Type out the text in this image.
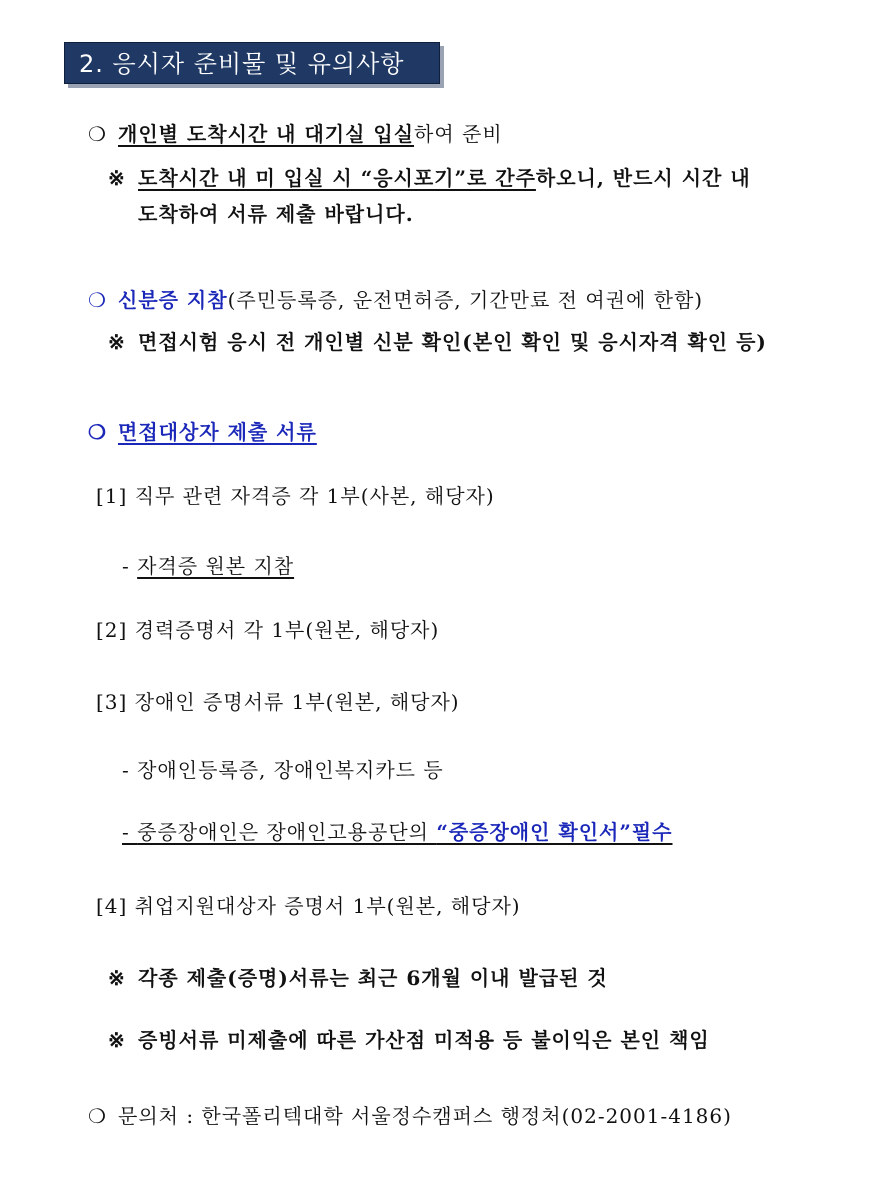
2. 응시자 준비물 및 유의사항
❍ 개인별 도착시간 내 대기실 입실하여 준비
※ 도착시간 내 미 입실 시 “응시포기”로 간주하오니, 반드시 시간 내
도착하여 서류 제출 바랍니다.
❍ 신분증 지참(주민등록증, 운전면허증, 기간만료 전 여권에 한함)
※ 면접시험 응시 전 개인별 신분 확인(본인 확인 및 응시자격 확인 등)
❍ 면접대상자 제출 서류
[1] 직무 관련 자격증 각 1부(사본, 해당자)
- 자격증 원본 지참
[2] 경력증명서 각 1부(원본, 해당자)
[3] 장애인 증명서류 1부(원본, 해당자)
- 장애인등록증, 장애인복지카드 등
- 중증장애인은 장애인고용공단의 “중증장애인 확인서”필수
[4] 취업지원대상자 증명서 1부(원본, 해당자)
※ 각종 제출(증명)서류는 최근 6개월 이내 발급된 것
※ 증빙서류 미제출에 따른 가산점 미적용 등 불이익은 본인 책임
❍ 문의처 : 한국폴리텍대학 서울정수캠퍼스 행정처(02-2001-4186)
